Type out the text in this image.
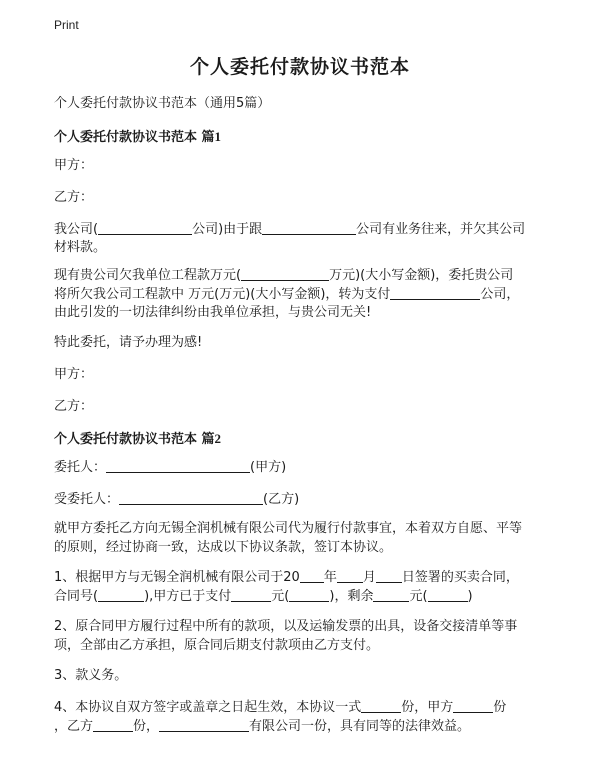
Print
个人委托付款协议书范本
个人委托付款协议书范本（通用5篇）
个人委托付款协议书范本 篇1
甲方：
乙方：
我公司(	公司)由于跟	公司有业务往来，并欠其公司
材料款。
现有贵公司欠我单位工程款万元(	万元)(大小写金额)，委托贵公司
将所欠我公司工程款中 万元(万元)(大小写金额)，转为支付	公司，
由此引发的一切法律纠纷由我单位承担，与贵公司无关!
特此委托，请予办理为感!
甲方：
乙方：
个人委托付款协议书范本 篇2
委托人：	(甲方)
受委托人：	(乙方)
就甲方委托乙方向无锡全润机械有限公司代为履行付款事宜，本着双方自愿、平等
的原则，经过协商一致，达成以下协议条款，签订本协议。
1、根据甲方与无锡全润机械有限公司于20 年 月 日签署的买卖合同，
合同号(	),甲方已于支付	元(	)，剩余	元(	)
2、原合同甲方履行过程中所有的款项，以及运输发票的出具，设备交接清单等事
项，全部由乙方承担，原合同后期支付款项由乙方支付。
3、款义务。
4、本协议自双方签字或盖章之日起生效，本协议一式	份，甲方	份
，乙方	份，	有限公司一份，具有同等的法律效益。
